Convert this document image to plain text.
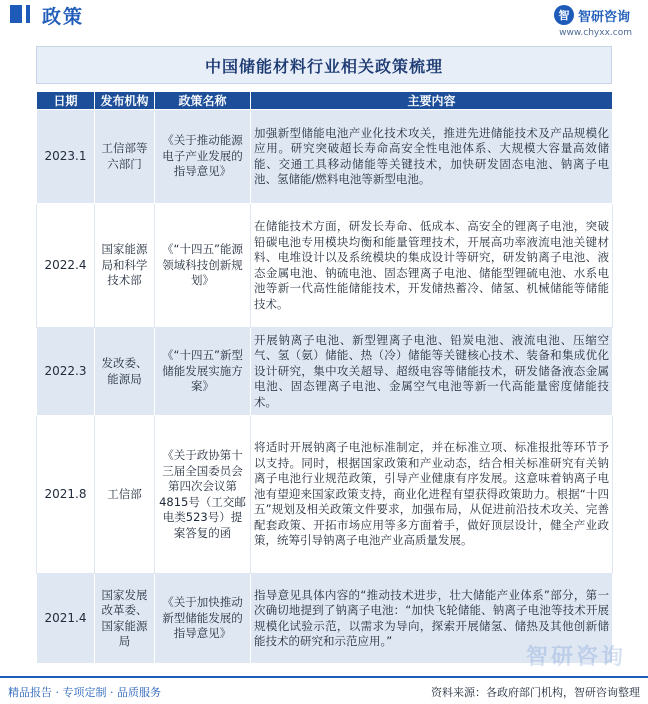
政策	智 智研咨询
www.chyxx.com
中国储能材料行业相关政策梳理
日期	发布机构	政策名称	主要内容
2023.1	工信部等六部门	《关于推动能源电子产业发展的指导意见》	加强新型储能电池产业化技术攻关，推进先进储能技术及产品规模化应用。研究突破超长寿命高安全性电池体系、大规模大容量高效储能、交通工具移动储能等关键技术，加快研发固态电池、钠离子电池、氢储能/燃料电池等新型电池。
2022.4	国家能源局和科学技术部	《“十四五”能源领域科技创新规划》	在储能技术方面，研发长寿命、低成本、高安全的锂离子电池，突破铅碳电池专用模块均衡和能量管理技术，开展高功率液流电池关键材料、电堆设计以及系统模块的集成设计等研究，研发钠离子电池、液态金属电池、钠硫电池、固态锂离子电池、储能型锂硫电池、水系电池等新一代高性能储能技术，开发储热蓄冷、储氢、机械储能等储能技术。
2022.3	发改委、能源局	《“十四五”新型储能发展实施方案》	开展钠离子电池、新型锂离子电池、铅炭电池、液流电池、压缩空气、氢（氨）储能、热（冷）储能等关键核心技术、装备和集成优化设计研究，集中攻关超导、超级电容等储能技术，研发储备液态金属电池、固态锂离子电池、金属空气电池等新一代高能量密度储能技术。
2021.8	工信部	《关于政协第十三届全国委员会第四次会议第4815号（工交邮电类523号）提案答复的函	将适时开展钠离子电池标准制定，并在标准立项、标准报批等环节予以支持。同时，根据国家政策和产业动态，结合相关标准研究有关钠离子电池行业规范政策，引导产业健康有序发展。这意味着钠离子电池有望迎来国家政策支持，商业化进程有望获得政策助力。根据“十四五”规划及相关政策文件要求，加强布局，从促进前沿技术攻关、完善配套政策、开拓市场应用等多方面着手，做好顶层设计，健全产业政策，统筹引导钠离子电池产业高质量发展。
2021.4	国家发展改革委、国家能源局	《关于加快推动新型储能发展的指导意见》	指导意见具体内容的“推动技术进步，壮大储能产业体系”部分，第一次确切地提到了钠离子电池：“加快飞轮储能、钠离子电池等技术开展规模化试验示范，以需求为导向，探索开展储氢、储热及其他创新储能技术的研究和示范应用。”
智研咨询
精品报告 · 专项定制 · 品质服务	资料来源：各政府部门机构，智研咨询整理
